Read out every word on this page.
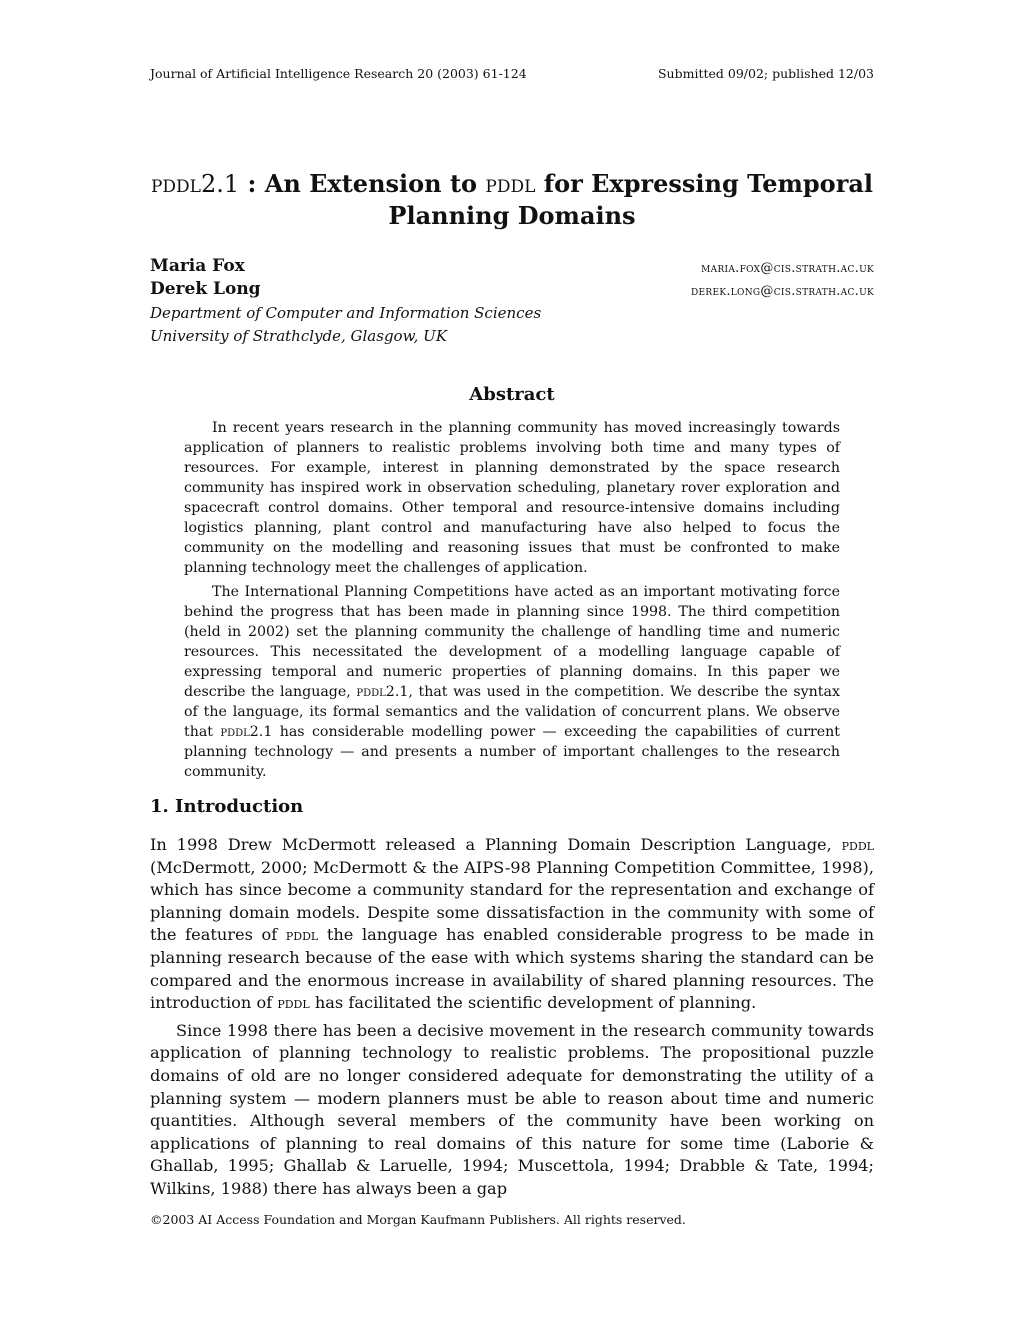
Journal of Artificial Intelligence Research 20 (2003) 61-124	Submitted 09/02; published 12/03
pddl2.1 : An Extension to pddl for Expressing Temporal
Planning Domains
Maria Fox	maria.fox@cis.strath.ac.uk
Derek Long	derek.long@cis.strath.ac.uk
Department of Computer and Information Sciences
University of Strathclyde, Glasgow, UK
Abstract

In recent years research in the planning community has moved increasingly towards application of planners to realistic problems involving both time and many types of resources. For example, interest in planning demonstrated by the space research community has inspired work in observation scheduling, planetary rover exploration and spacecraft control domains. Other temporal and resource-intensive domains including logistics planning, plant control and manufacturing have also helped to focus the community on the modelling and reasoning issues that must be confronted to make planning technology meet the challenges of application.

The International Planning Competitions have acted as an important motivating force behind the progress that has been made in planning since 1998. The third competition (held in 2002) set the planning community the challenge of handling time and numeric resources. This necessitated the development of a modelling language capable of expressing temporal and numeric properties of planning domains. In this paper we describe the language, pddl2.1, that was used in the competition. We describe the syntax of the language, its formal semantics and the validation of concurrent plans. We observe that pddl2.1 has considerable modelling power — exceeding the capabilities of current planning technology — and presents a number of important challenges to the research community.

1. Introduction

In 1998 Drew McDermott released a Planning Domain Description Language, pddl (McDermott, 2000; McDermott & the AIPS-98 Planning Competition Committee, 1998), which has since become a community standard for the representation and exchange of planning domain models. Despite some dissatisfaction in the community with some of the features of pddl the language has enabled considerable progress to be made in planning research because of the ease with which systems sharing the standard can be compared and the enormous increase in availability of shared planning resources. The introduction of pddl has facilitated the scientific development of planning.

Since 1998 there has been a decisive movement in the research community towards application of planning technology to realistic problems. The propositional puzzle domains of old are no longer considered adequate for demonstrating the utility of a planning system — modern planners must be able to reason about time and numeric quantities. Although several members of the community have been working on applications of planning to real domains of this nature for some time (Laborie & Ghallab, 1995; Ghallab & Laruelle, 1994; Muscettola, 1994; Drabble & Tate, 1994; Wilkins, 1988) there has always been a gap

©2003 AI Access Foundation and Morgan Kaufmann Publishers. All rights reserved.
